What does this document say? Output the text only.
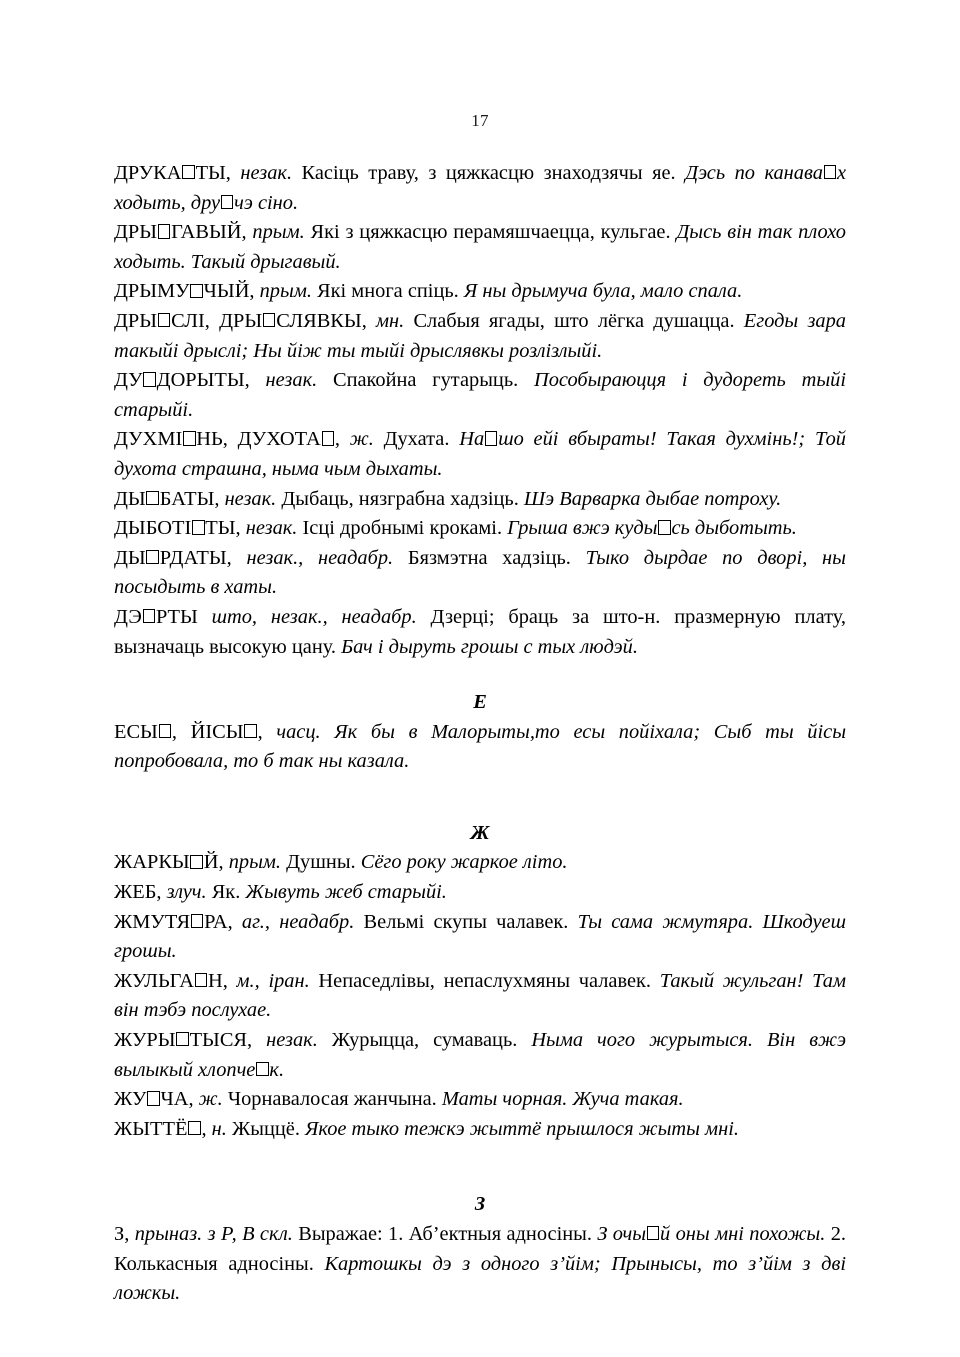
17

ДРУКА ТЫ, незак. Касіць траву, з цяжкасцю знаходзячы яе. Дэсь по канава х ходыть, дру чэ сіно.

ДРЫ ГАВЫЙ, прым. Які з цяжкасцю перамяшчаецца, кульгае. Дысь він так плохо ходыть. Такый дрыгавый.

ДРЫМУ ЧЫЙ, прым. Які многа спіць. Я ны дрымуча була, мало спала.

ДРЫ СЛІ, ДРЫ СЛЯВКЫ, мн. Слабыя ягады, што лёгка душацца. Егоды зара такыйі дрыслі; Ны йіж ты тыйі дрыслявкы розлізлыйі.

ДУ ДОРЫТЫ, незак. Спакойна гутарыць. Пособыраюцця і дудореть тыйі старыйі.

ДУХМІ НЬ, ДУХОТА , ж. Духата. На шо ейі вбыраты! Такая духмінь!; Той духота страшна, ныма чым дыхаты.

ДЫ БАТЫ, незак. Дыбаць, нязграбна хадзіць. Шэ Варварка дыбае потроху.

ДЫБОТІ ТЫ, незак. Ісці дробнымі крокамі. Грыша вжэ куды сь дыботыть.

ДЫ РДАТЫ, незак., неадабр. Бязмэтна хадзіць. Тыко дырдае по дворі, ны посыдыть в хаты.

ДЭ РТЫ што, незак., неадабр. Дзерці; браць за што-н. празмерную плату, вызначаць высокую цану. Бач і дыруть грошы с тых людэй.

Е

ЕСЫ , ЙІСЫ , часц. Як бы в Малорыты,то есы пойіхала; Сыб ты йісы попробовала, то б так ны казала.

Ж

ЖАРКЫ Й, прым. Душны. Сёго року жаркое літо.

ЖЕБ, злуч. Як. Жывуть жеб старыйі.

ЖМУТЯ РА, аг., неадабр. Вельмі скупы чалавек. Ты сама жмутяра. Шкодуеш грошы.

ЖУЛЬГА Н, м., іран. Непаседлівы, непаслухмяны чалавек. Такый жульган! Там він тэбэ послухае.

ЖУРЫ ТЫСЯ, незак. Журыцца, сумаваць. Ныма чого журытыся. Він вжэ вылыкый хлопче к.

ЖУ ЧА, ж. Чорнавалосая жанчына. Маты чорная. Жуча такая.

ЖЫТТЁ , н. Жыццё. Якое тыко тежкэ жыттё прышлося жыты мні.

З

З, прыназ. з Р, В скл. Выражае: 1. Аб’ектныя адносіны. З очы й оны мні похожы. 2. Колькасныя адносіны. Картошкы дэ з одного з’йім; Прынысы, то з’йім з дві ложкы.
